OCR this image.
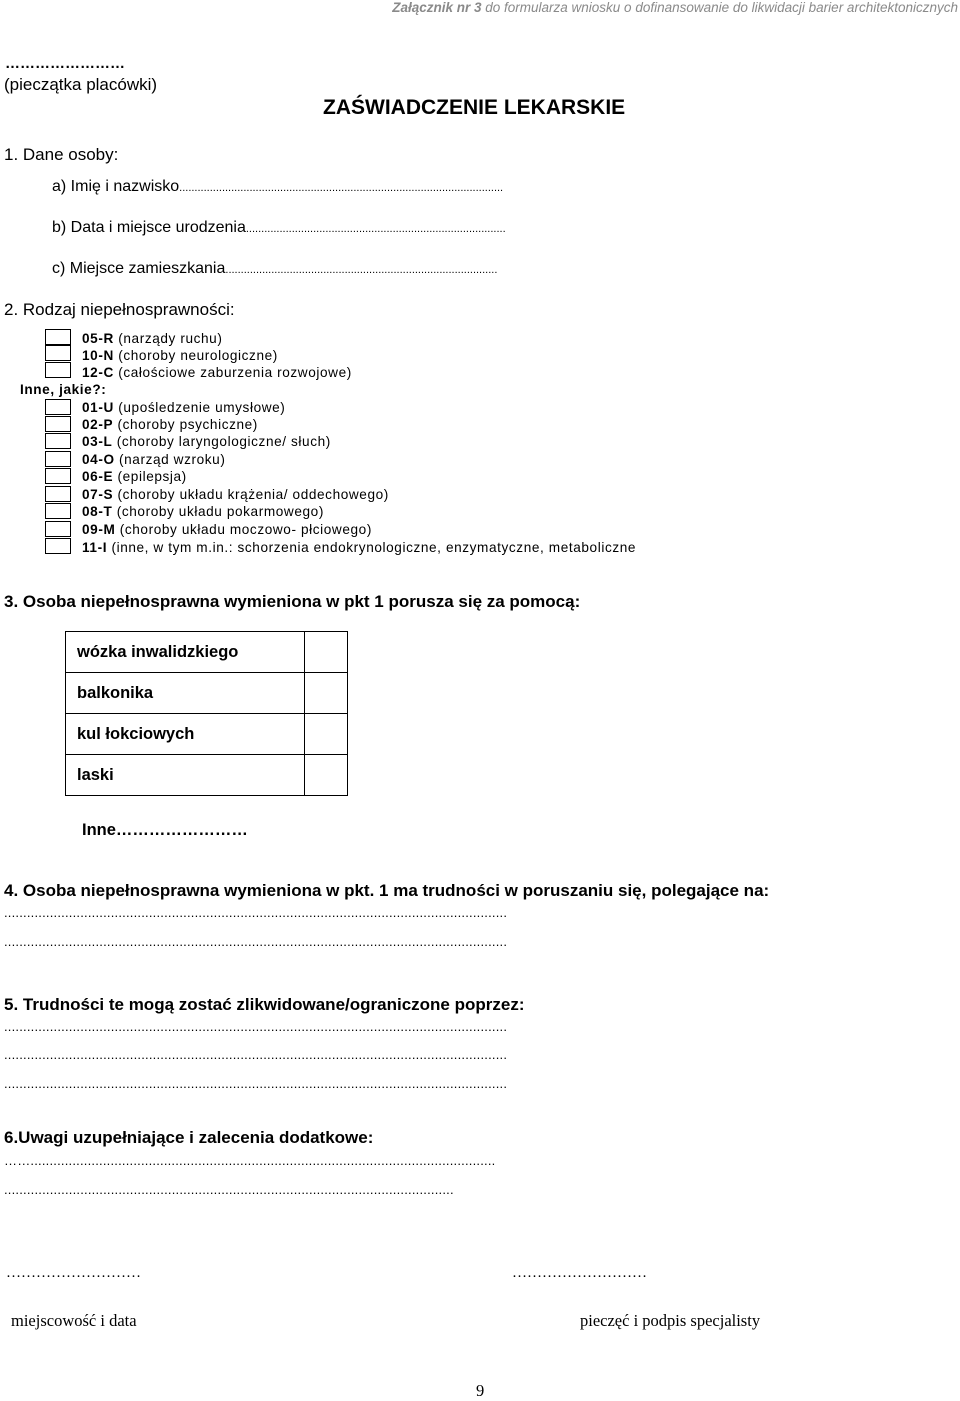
Załącznik nr 3 do formularza wniosku o dofinansowanie do likwidacji barier architektonicznych
……………………
(pieczątka placówki)
ZAŚWIADCZENIE LEKARSKIE
1. Dane osoby:
a) Imię i nazwisko..........................................................................................................
b) Data i miejsce urodzenia.....................................................................................
c) Miejsce zamieszkania.........................................................................................
2. Rodzaj niepełnosprawności:
05-R (narządy ruchu)
10-N (choroby neurologiczne)
12-C (całościowe zaburzenia rozwojowe)
Inne, jakie?:
01-U (upośledzenie umysłowe)
02-P (choroby psychiczne)
03-L (choroby laryngologiczne/ słuch)
04-O (narząd wzroku)
06-E (epilepsja)
07-S (choroby układu krążenia/ oddechowego)
08-T (choroby układu pokarmowego)
09-M (choroby układu moczowo- płciowego)
11-I (inne, w tym m.in.: schorzenia endokrynologiczne, enzymatyczne, metaboliczne
3. Osoba niepełnosprawna wymieniona w pkt 1 porusza się za pomocą:
wózka inwalidzkiego	
balkonika	
kul łokciowych	
laski	
Inne……………………
4. Osoba niepełnosprawna wymieniona w pkt. 1 ma trudności w poruszaniu się, polegające na:
....................................................................................................................................
....................................................................................................................................
5. Trudności te mogą zostać zlikwidowane/ograniczone poprzez:
....................................................................................................................................
....................................................................................................................................
....................................................................................................................................
6.Uwagi uzupełniające i zalecenia dodatkowe:
……..........................................................................................................................
......................................................................................................................
………………………	………………………
miejscowość i data	pieczęć i podpis specjalisty
9
